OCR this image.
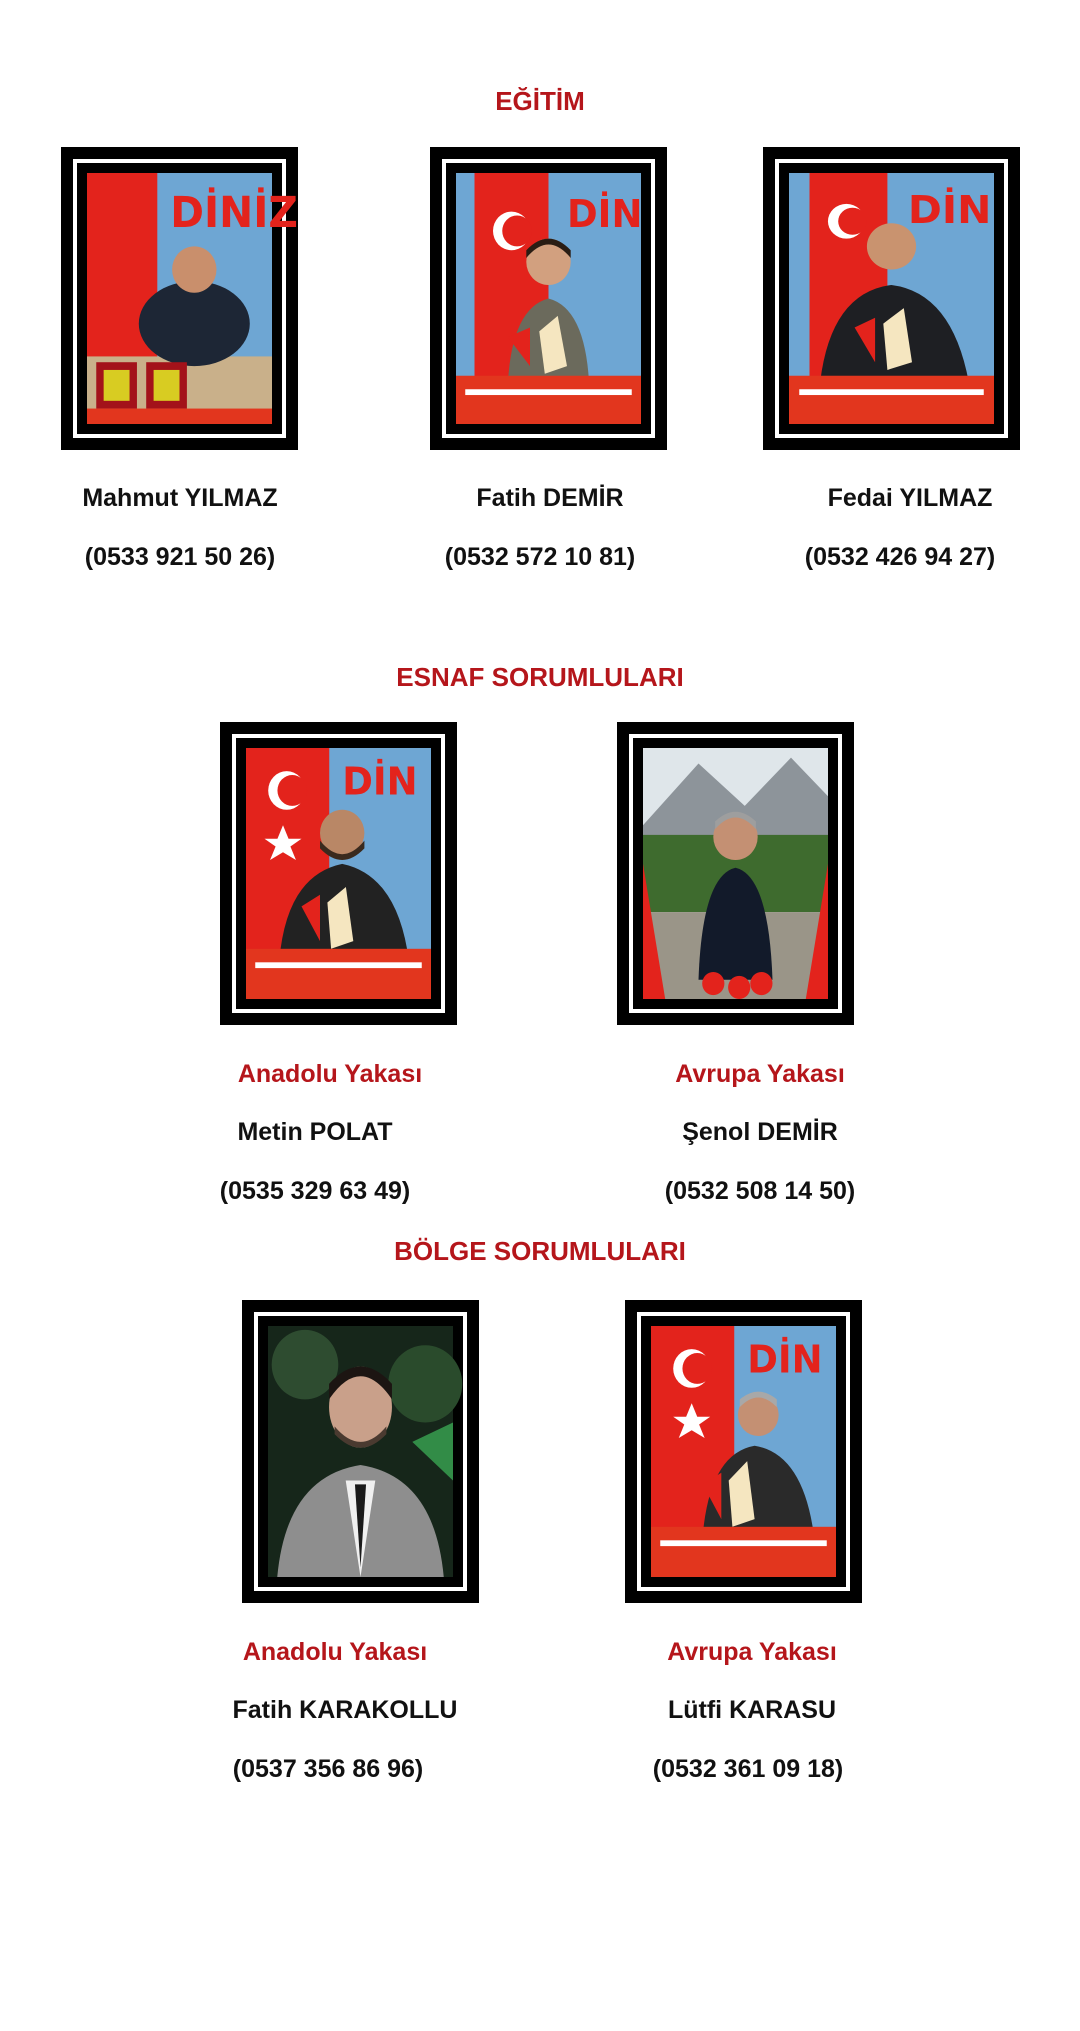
EĞİTİM
DİNİZ
Mahmut YILMAZ
(0533 921 50 26)
DİN
Fatih DEMİR
(0532 572 10 81)
DİN
Fedai YILMAZ
(0532 426 94 27)
ESNAF SORUMLULARI
DİN
Anadolu Yakası
Metin POLAT
(0535 329 63 49)
Avrupa Yakası
Şenol DEMİR
(0532 508 14 50)
BÖLGE SORUMLULARI
Anadolu Yakası
Fatih KARAKOLLU
(0537 356 86 96)
DİN
Avrupa Yakası
Lütfi KARASU
(0532 361 09 18)
